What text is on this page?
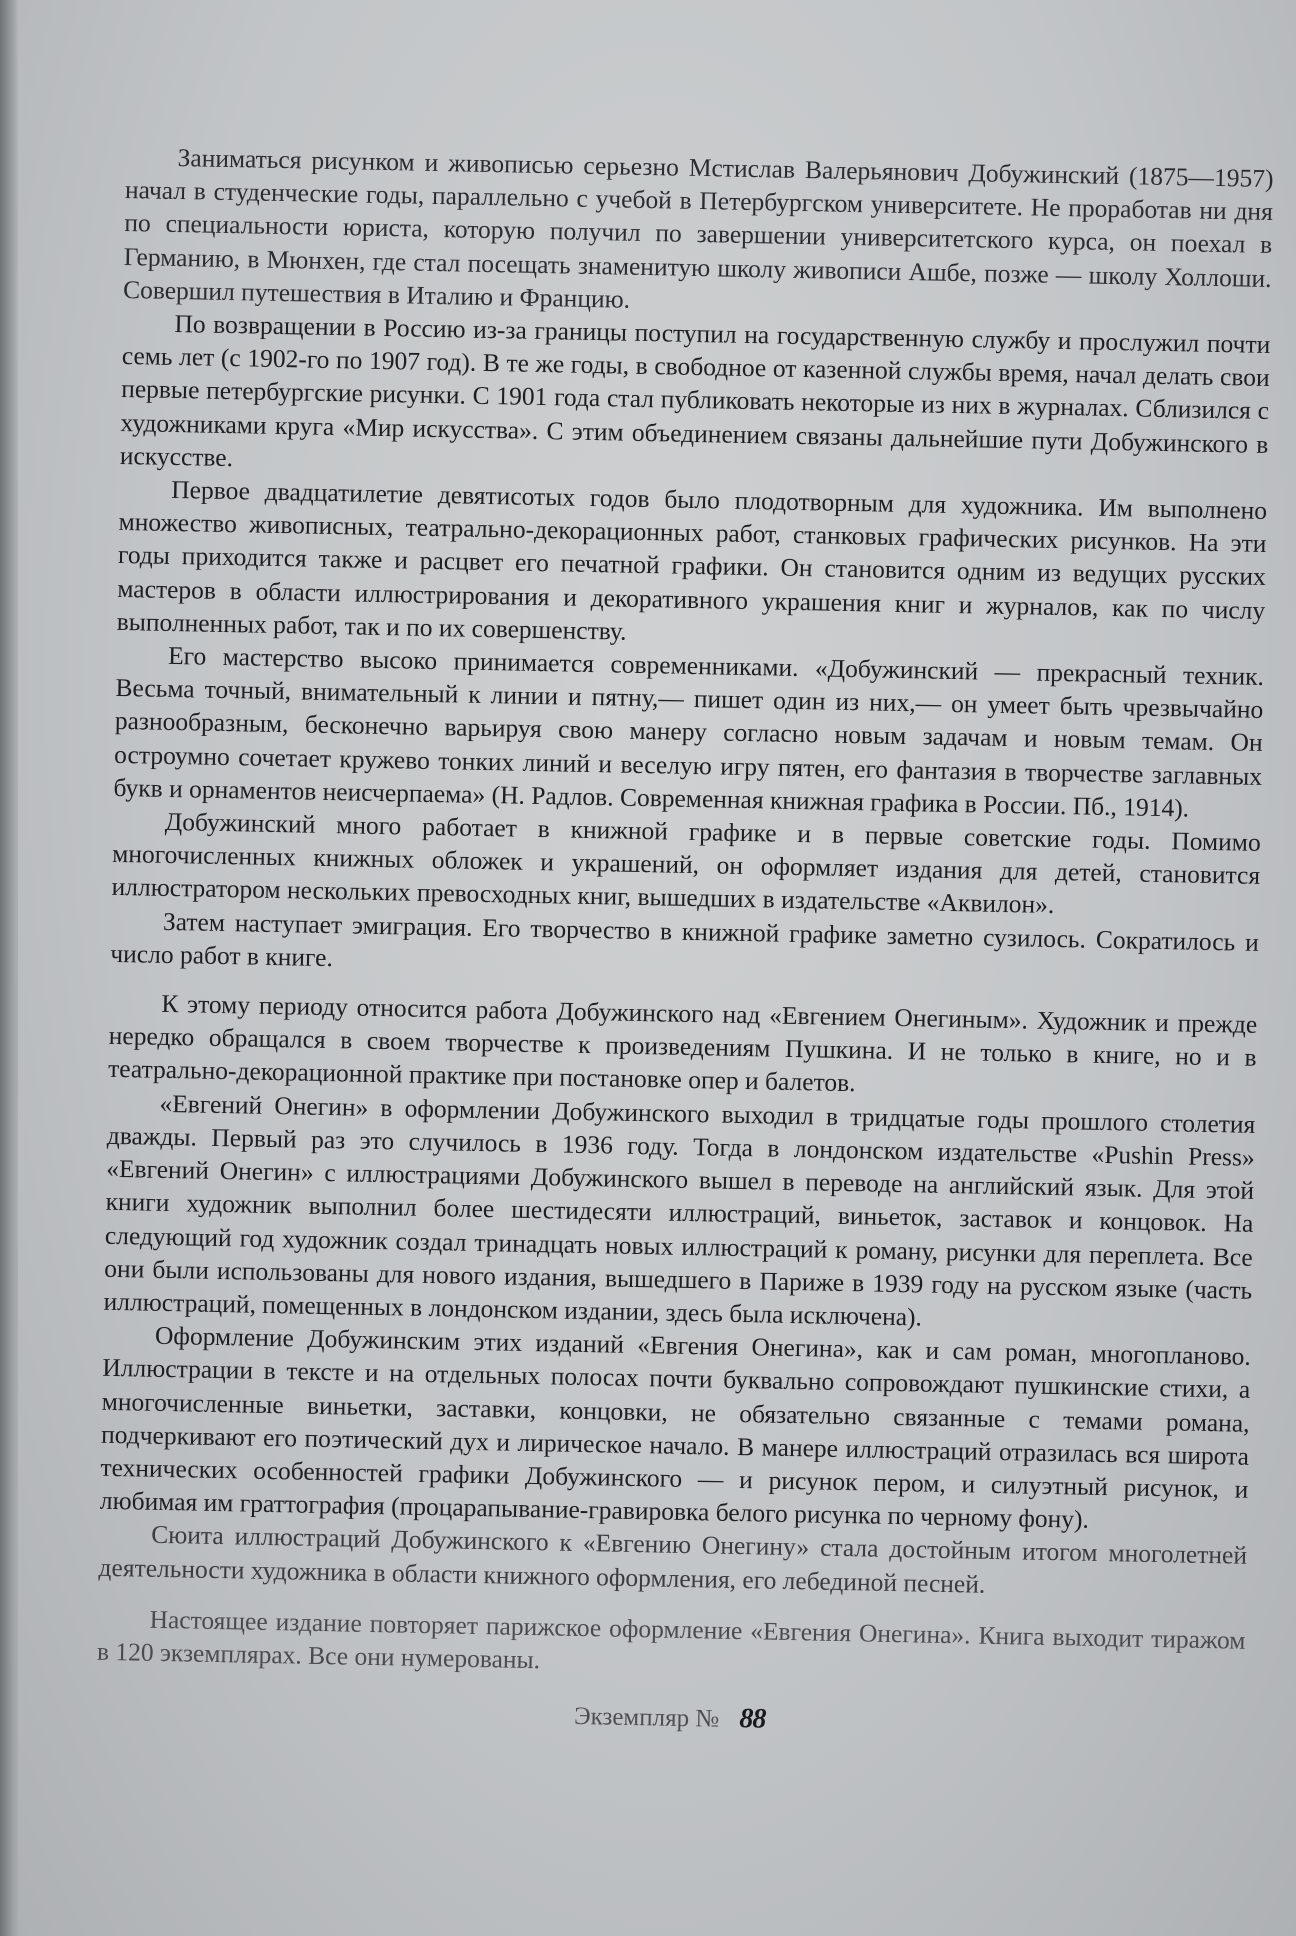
Заниматься рисунком и живописью серьезно Мстислав Валерьянович Добужинский (1875—1957) начал в студенческие годы, параллельно с учебой в Петербургском университете. Не проработав ни дня по специальности юриста, которую получил по завершении университетского курса, он поехал в Германию, в Мюнхен, где стал посещать знаменитую школу живописи Ашбе, позже — школу Холлоши. Совершил путешествия в Италию и Францию.

По возвращении в Россию из-за границы поступил на государственную службу и прослужил почти семь лет (с 1902-го по 1907 год). В те же годы, в свободное от казенной службы время, начал делать свои первые петербургские рисунки. С 1901 года стал публиковать некоторые из них в журналах. Сблизился с художниками круга «Мир искусства». С этим объединением связаны дальнейшие пути Добужинского в искусстве.

Первое двадцатилетие девятисотых годов было плодотворным для художника. Им выполнено множество живописных, театрально-декорационных работ, станковых графических рисунков. На эти годы приходится также и расцвет его печатной графики. Он становится одним из ведущих русских мастеров в области иллюстрирования и декоративного украшения книг и журналов, как по числу выполненных работ, так и по их совершенству.

Его мастерство высоко принимается современниками. «Добужинский — прекрасный техник. Весьма точный, внимательный к линии и пятну,— пишет один из них,— он умеет быть чрезвычайно разнообразным, бесконечно варьируя свою манеру согласно новым задачам и новым темам. Он остроумно сочетает кружево тонких линий и веселую игру пятен, его фантазия в творчестве заглавных букв и орнаментов неисчерпаема» (Н. Радлов. Современная книжная графика в России. Пб., 1914).

Добужинский много работает в книжной графике и в первые советские годы. Помимо многочисленных книжных обложек и украшений, он оформляет издания для детей, становится иллюстратором нескольких превосходных книг, вышедших в издательстве «Аквилон».

Затем наступает эмиграция. Его творчество в книжной графике заметно сузилось. Сократилось и число работ в книге.

К этому периоду относится работа Добужинского над «Евгением Онегиным». Художник и прежде нередко обращался в своем творчестве к произведениям Пушкина. И не только в книге, но и в театрально-декорационной практике при постановке опер и балетов.

«Евгений Онегин» в оформлении Добужинского выходил в тридцатые годы прошлого столетия дважды. Первый раз это случилось в 1936 году. Тогда в лондонском издательстве «Pushin Press» «Евгений Онегин» с иллюстрациями Добужинского вышел в переводе на английский язык. Для этой книги художник выполнил более шестидесяти иллюстраций, виньеток, заставок и концовок. На следующий год художник создал тринадцать новых иллюстраций к роману, рисунки для переплета. Все они были использованы для нового издания, вышедшего в Париже в 1939 году на русском языке (часть иллюстраций, помещенных в лондонском издании, здесь была исключена).

Оформление Добужинским этих изданий «Евгения Онегина», как и сам роман, многопланово. Иллюстрации в тексте и на отдельных полосах почти буквально сопровождают пушкинские стихи, а многочисленные виньетки, заставки, концовки, не обязательно связанные с темами романа, подчеркивают его поэтический дух и лирическое начало. В манере иллюстраций отразилась вся широта технических особенностей графики Добужинского — и рисунок пером, и силуэтный рисунок, и любимая им граттография (процарапывание-гравировка белого рисунка по черному фону).

Сюита иллюстраций Добужинского к «Евгению Онегину» стала достойным итогом многолетней деятельности художника в области книжного оформления, его лебединой песней.

Настоящее издание повторяет парижское оформление «Евгения Онегина». Книга выходит тиражом в 120 экземплярах. Все они нумерованы.

Экземпляр № 88
